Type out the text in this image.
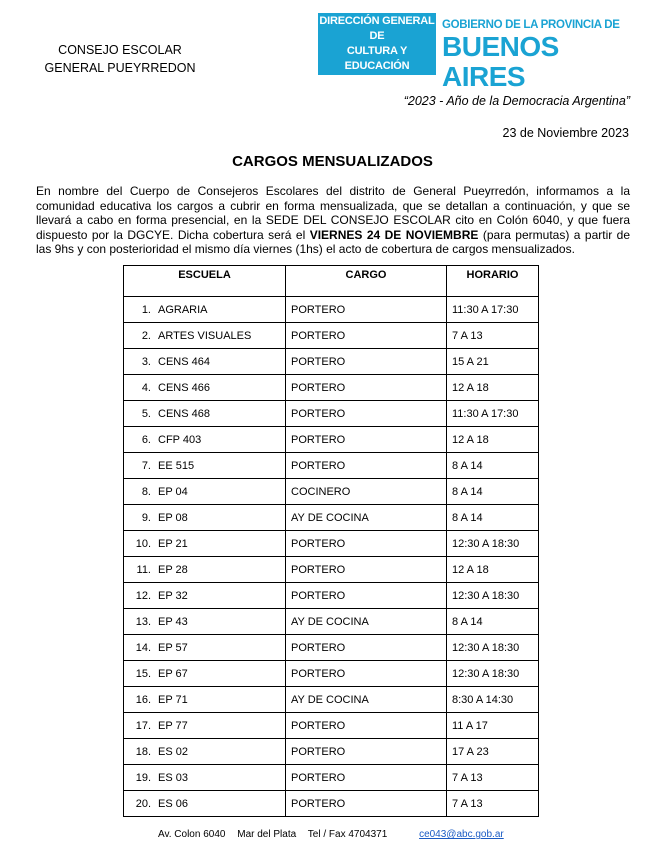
CONSEJO ESCOLAR
GENERAL PUEYRREDON
DIRECCIÓN GENERAL DE
CULTURA Y EDUCACIÓN
GOBIERNO DE LA PROVINCIA DE
BUENOS AIRES
“2023 - Año de la Democracia Argentina”
23 de Noviembre 2023
CARGOS MENSUALIZADOS
En nombre del Cuerpo de Consejeros Escolares del distrito de General Pueyrredón, informamos a la comunidad educativa los cargos a cubrir en forma mensualizada, que se detallan a continuación, y que se llevará a cabo en forma presencial, en la SEDE DEL CONSEJO ESCOLAR cito en Colón 6040, y que fuera dispuesto por la DGCYE. Dicha cobertura será el VIERNES 24 DE NOVIEMBRE (para permutas) a partir de las 9hs y con posterioridad el mismo día viernes (1hs) el acto de cobertura de cargos mensualizados.
ESCUELA	CARGO	HORARIO
1. AGRARIA	PORTERO	11:30 A 17:30
2. ARTES VISUALES	PORTERO	7 A 13
3. CENS 464	PORTERO	15 A 21
4. CENS 466	PORTERO	12 A 18
5. CENS 468	PORTERO	11:30 A 17:30
6. CFP 403	PORTERO	12 A 18
7. EE 515	PORTERO	8 A 14
8. EP 04	COCINERO	8 A 14
9. EP 08	AY DE COCINA	8 A 14
10. EP 21	PORTERO	12:30 A 18:30
11. EP 28	PORTERO	12 A 18
12. EP 32	PORTERO	12:30 A 18:30
13. EP 43	AY DE COCINA	8 A 14
14. EP 57	PORTERO	12:30 A 18:30
15. EP 67	PORTERO	12:30 A 18:30
16. EP 71	AY DE COCINA	8:30 A 14:30
17. EP 77	PORTERO	11 A 17
18. ES 02	PORTERO	17 A 23
19. ES 03	PORTERO	7 A 13
20. ES 06	PORTERO	7 A 13
Av. Colon 6040 Mar del Plata Tel / Fax 4704371	ce043@abc.gob.ar
